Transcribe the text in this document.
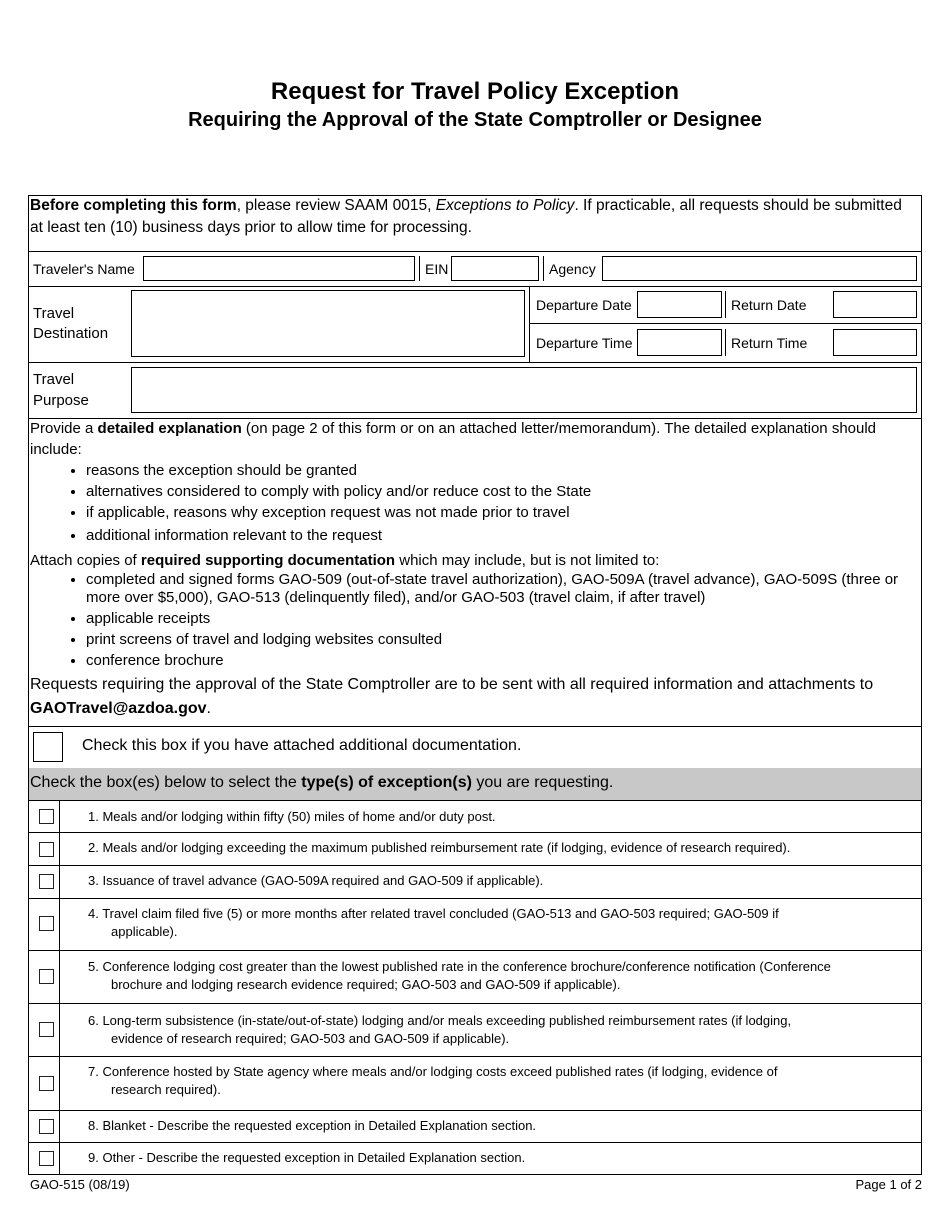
Request for Travel Policy Exception
Requiring the Approval of the State Comptroller or Designee
Before completing this form, please review SAAM 0015, Exceptions to Policy. If practicable, all requests should be submitted at least ten (10) business days prior to allow time for processing.
Traveler's Name	EIN	Agency
Travel
Destination
Departure Date	Return Date
Departure Time	Return Time
Travel
Purpose

Provide a detailed explanation (on page 2 of this form or on an attached letter/memorandum). The detailed explanation should include:

• reasons the exception should be granted
• alternatives considered to comply with policy and/or reduce cost to the State
• if applicable, reasons why exception request was not made prior to travel
• additional information relevant to the request

Attach copies of required supporting documentation which may include, but is not limited to:

• completed and signed forms GAO-509 (out-of-state travel authorization), GAO-509A (travel advance), GAO-509S (three or more over $5,000), GAO-513 (delinquently filed), and/or GAO-503 (travel claim, if after travel)
• applicable receipts
• print screens of travel and lodging websites consulted
• conference brochure

Requests requiring the approval of the State Comptroller are to be sent with all required information and attachments to GAOTravel@azdoa.gov.

Check this box if you have attached additional documentation.
Check the box(es) below to select the type(s) of exception(s) you are requesting.
1. Meals and/or lodging within fifty (50) miles of home and/or duty post.
2. Meals and/or lodging exceeding the maximum published reimbursement rate (if lodging, evidence of research required).
3. Issuance of travel advance (GAO-509A required and GAO-509 if applicable).
4. Travel claim filed five (5) or more months after related travel concluded (GAO-513 and GAO-503 required; GAO-509 if
applicable).
5. Conference lodging cost greater than the lowest published rate in the conference brochure/conference notification (Conference
brochure and lodging research evidence required; GAO-503 and GAO-509 if applicable).
6. Long-term subsistence (in-state/out-of-state) lodging and/or meals exceeding published reimbursement rates (if lodging,
evidence of research required; GAO-503 and GAO-509 if applicable).
7. Conference hosted by State agency where meals and/or lodging costs exceed published rates (if lodging, evidence of
research required).
8. Blanket - Describe the requested exception in Detailed Explanation section.
9. Other - Describe the requested exception in Detailed Explanation section.
GAO-515 (08/19)	Page 1 of 2
